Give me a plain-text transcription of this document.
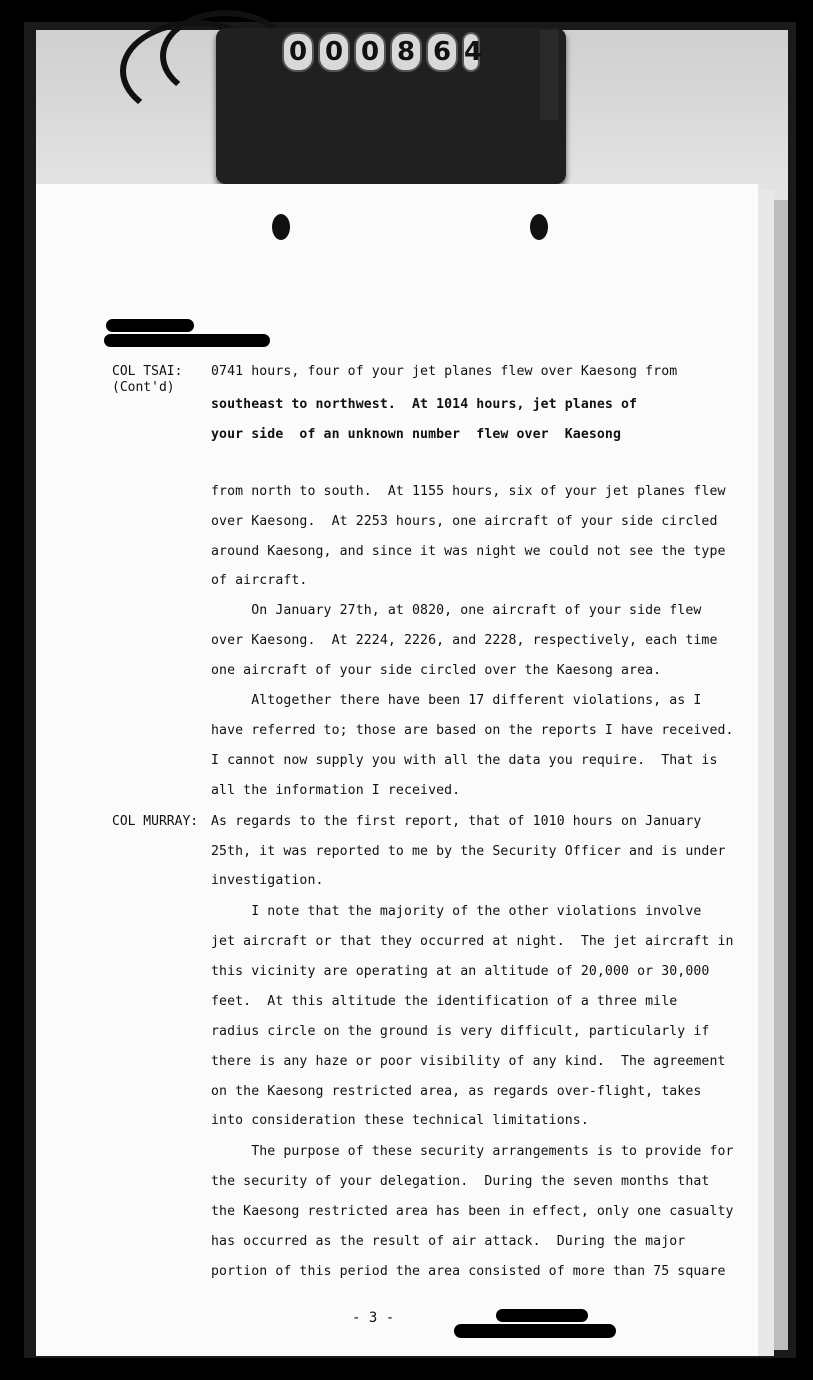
0 0 0 8 6 4
COL TSAI:
(Cont'd)
COL MURRAY:
0741 hours, four of your jet planes flew over Kaesong from
southeast to northwest.  At 1014 hours, jet planes of
your side  of an unknown number  flew over  Kaesong
from north to south.  At 1155 hours, six of your jet planes flew
over Kaesong.  At 2253 hours, one aircraft of your side circled
around Kaesong, and since it was night we could not see the type
of aircraft.
On January 27th, at 0820, one aircraft of your side flew
over Kaesong.  At 2224, 2226, and 2228, respectively, each time
one aircraft of your side circled over the Kaesong area.
Altogether there have been 17 different violations, as I
have referred to; those are based on the reports I have received.
I cannot now supply you with all the data you require.  That is
all the information I received.
As regards to the first report, that of 1010 hours on January
25th, it was reported to me by the Security Officer and is under
investigation.
I note that the majority of the other violations involve
jet aircraft or that they occurred at night.  The jet aircraft in
this vicinity are operating at an altitude of 20,000 or 30,000
feet.  At this altitude the identification of a three mile
radius circle on the ground is very difficult, particularly if
there is any haze or poor visibility of any kind.  The agreement
on the Kaesong restricted area, as regards over-flight, takes
into consideration these technical limitations.
The purpose of these security arrangements is to provide for
the security of your delegation.  During the seven months that
the Kaesong restricted area has been in effect, only one casualty
has occurred as the result of air attack.  During the major
portion of this period the area consisted of more than 75 square
- 3 -
